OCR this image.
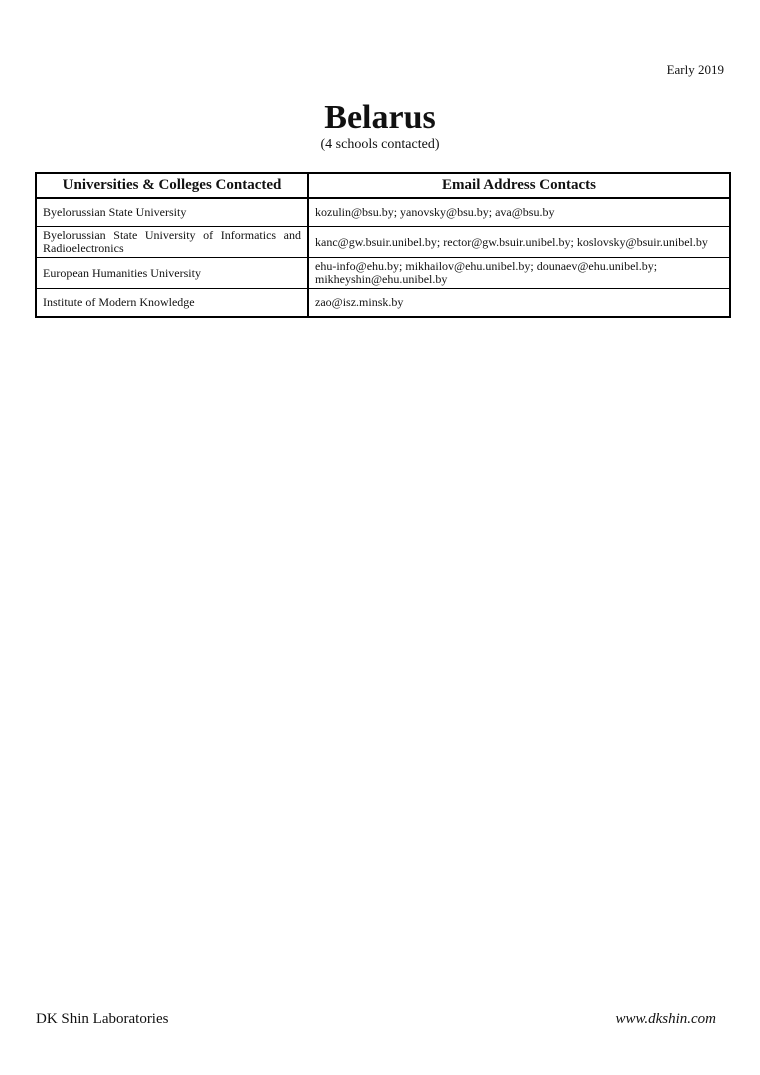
Early 2019
Belarus
(4 schools contacted)
Universities & Colleges Contacted	Email Address Contacts
Byelorussian State University	kozulin@bsu.by; yanovsky@bsu.by; ava@bsu.by
Byelorussian State University of Informatics and Radioelectronics	kanc@gw.bsuir.unibel.by; rector@gw.bsuir.unibel.by; koslovsky@bsuir.unibel.by
European Humanities University	ehu-info@ehu.by; mikhailov@ehu.unibel.by; dounaev@ehu.unibel.by; mikheyshin@ehu.unibel.by
Institute of Modern Knowledge	zao@isz.minsk.by
DK Shin Laboratories	www.dkshin.com
